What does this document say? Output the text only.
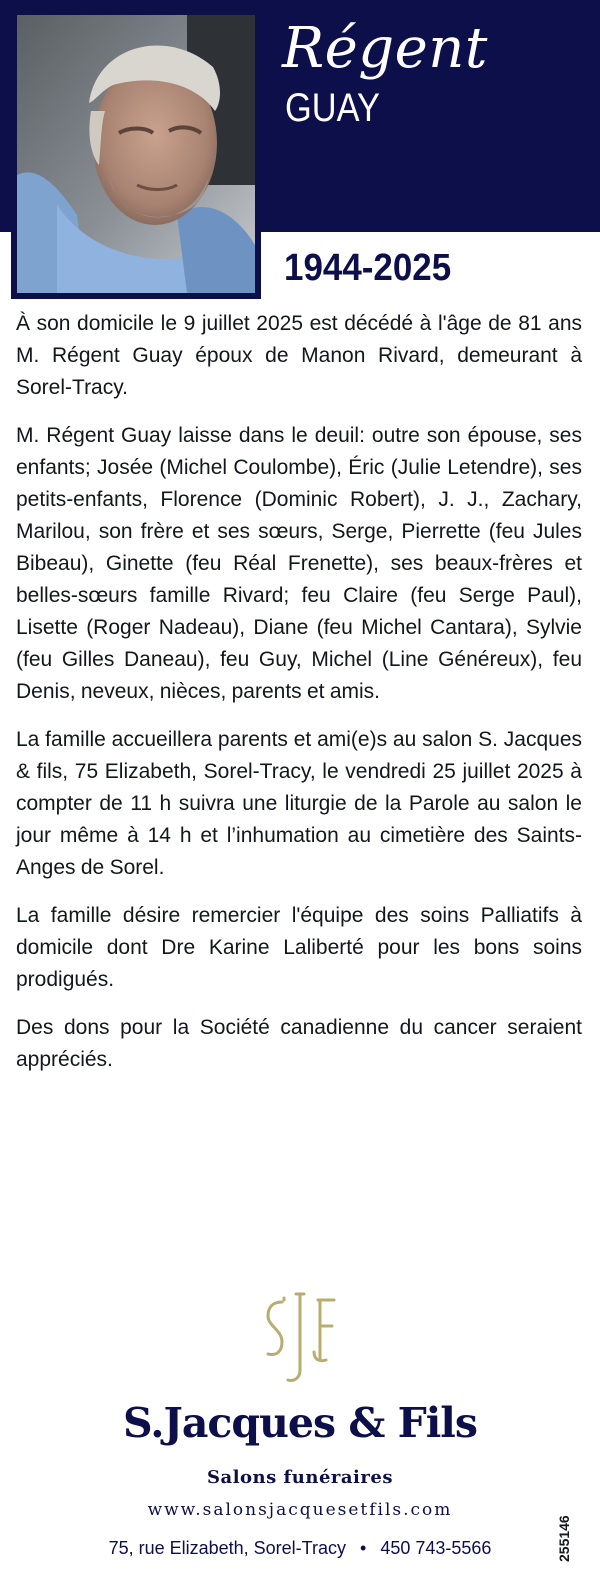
Régent
GUAY
1944-2025

À son domicile le 9 juillet 2025 est décédé à l'âge de 81 ans M. Régent Guay époux de Manon Rivard, demeurant à Sorel-Tracy.

M. Régent Guay laisse dans le deuil: outre son épouse, ses enfants; Josée (Michel Coulombe), Éric (Julie Letendre), ses petits-enfants, Florence (Dominic Robert), J. J., Zachary, Marilou, son frère et ses sœurs, Serge, Pierrette (feu Jules Bibeau), Ginette (feu Réal Frenette), ses beaux-frères et belles-sœurs famille Rivard; feu Claire (feu Serge Paul), Lisette (Roger Nadeau), Diane (feu Michel Cantara), Sylvie (feu Gilles Daneau), feu Guy, Michel (Line Généreux), feu Denis, neveux, nièces, parents et amis.

La famille accueillera parents et ami(e)s au salon S. Jacques & fils, 75 Elizabeth, Sorel-Tracy, le vendredi 25 juillet 2025 à compter de 11 h suivra une liturgie de la Parole au salon le jour même à 14 h et l’inhumation au cimetière des Saints-Anges de Sorel.

La famille désire remercier l'équipe des soins Palliatifs à domicile dont Dre Karine Laliberté pour les bons soins prodigués.

Des dons pour la Société canadienne du cancer seraient appréciés.

S.Jacques & Fils
Salons funéraires
www.salonsjacquesetfils.com
75, rue Elizabeth, Sorel-Tracy • 450 743-5566	255146
